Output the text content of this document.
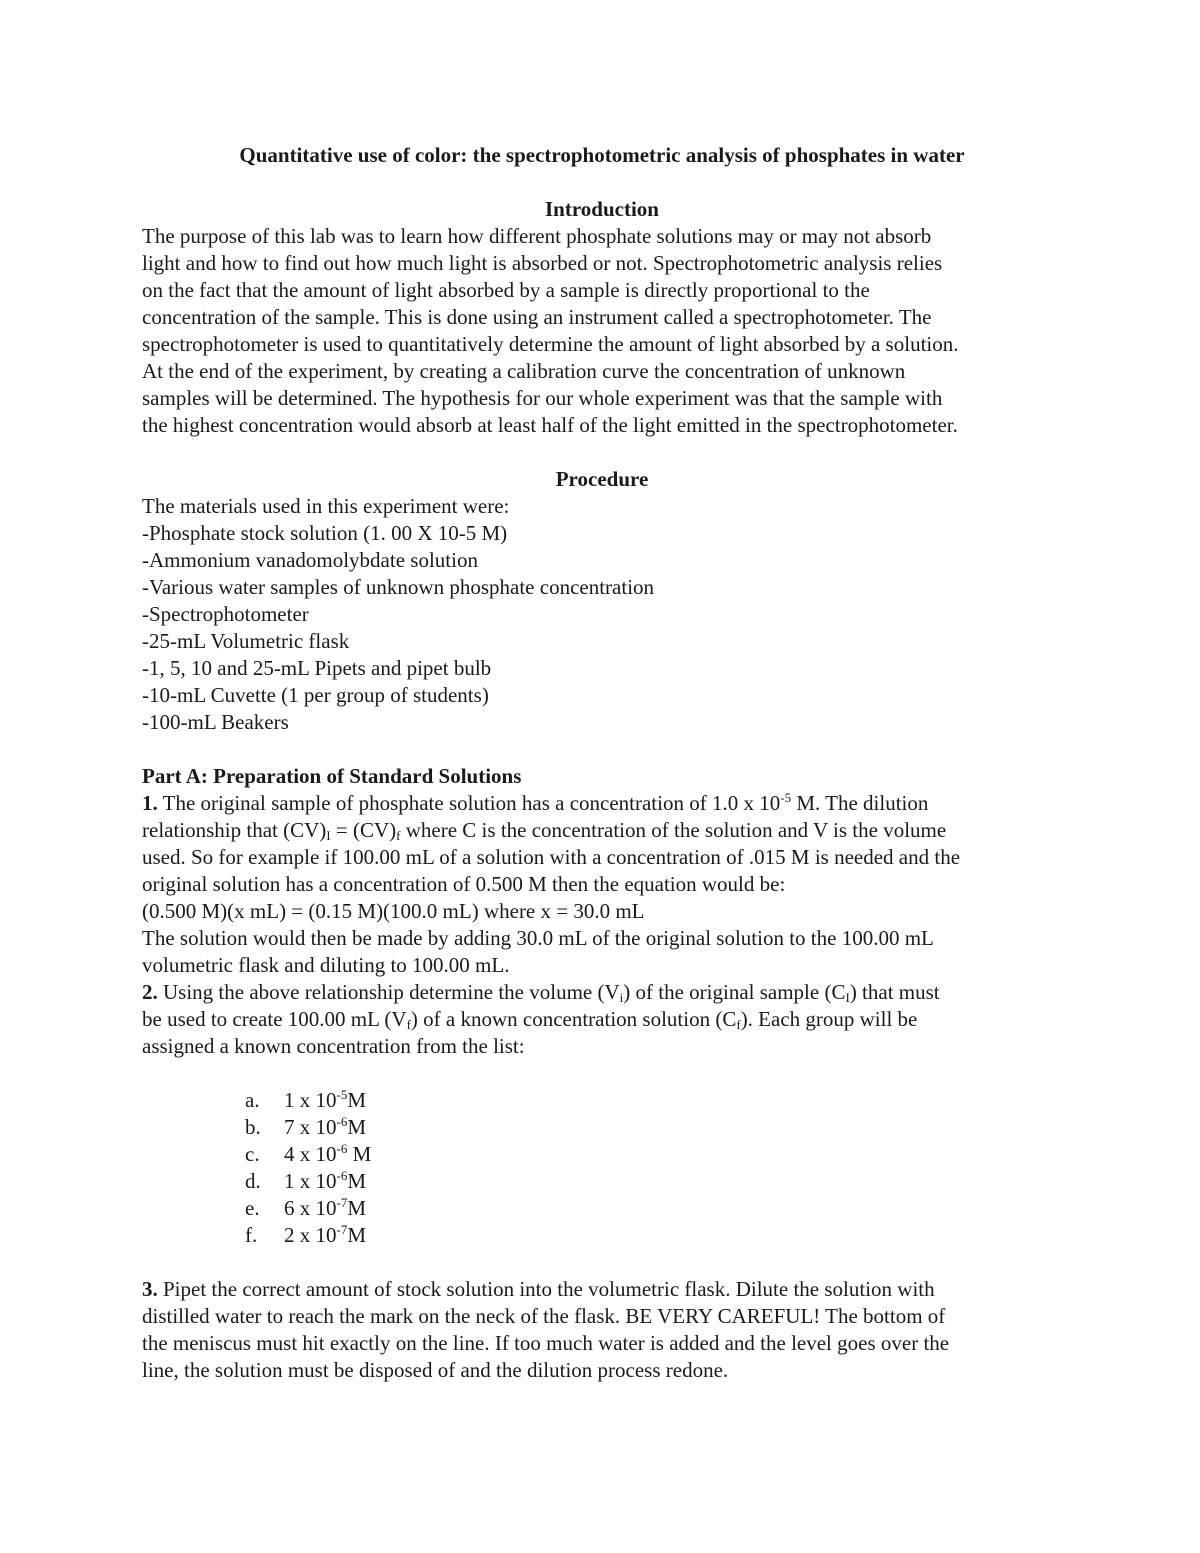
Quantitative use of color: the spectrophotometric analysis of phosphates in water

Introduction

The purpose of this lab was to learn how different phosphate solutions may or may not absorb
light and how to find out how much light is absorbed or not. Spectrophotometric analysis relies
on the fact that the amount of light absorbed by a sample is directly proportional to the
concentration of the sample. This is done using an instrument called a spectrophotometer. The
spectrophotometer is used to quantitatively determine the amount of light absorbed by a solution.
At the end of the experiment, by creating a calibration curve the concentration of unknown
samples will be determined. The hypothesis for our whole experiment was that the sample with
the highest concentration would absorb at least half of the light emitted in the spectrophotometer.

Procedure

The materials used in this experiment were:
-Phosphate stock solution (1. 00 X 10-5 M)
-Ammonium vanadomolybdate solution
-Various water samples of unknown phosphate concentration
-Spectrophotometer
-25-mL Volumetric flask
-1, 5, 10 and 25-mL Pipets and pipet bulb
-10-mL Cuvette (1 per group of students)
-100-mL Beakers

Part A: Preparation of Standard Solutions

1. The original sample of phosphate solution has a concentration of 1.0 x $10^{-5}$ M. The dilution
relationship that $(CV)_I = (CV)_f$ where C is the concentration of the solution and V is the volume
used. So for example if 100.00 mL of a solution with a concentration of .015 M is needed and the
original solution has a concentration of 0.500 M then the equation would be:
(0.500 M)(x mL) = (0.15 M)(100.0 mL) where x = 30.0 mL
The solution would then be made by adding 30.0 mL of the original solution to the 100.00 mL
volumetric flask and diluting to 100.00 mL.
2. Using the above relationship determine the volume $(V_i)$ of the original sample $(C_I)$ that must
be used to create 100.00 mL $(V_f)$ of a known concentration solution $(C_f)$. Each group will be
assigned a known concentration from the list:
a. 1 x $10^{-5}M$
b. 7 x $10^{-6}M$
c. 4 x $10^{-6}$ M
d. 1 x $10^{-6}M$
e. 6 x $10^{-7}M$
f. 2 x $10^{-7}M$
3. Pipet the correct amount of stock solution into the volumetric flask. Dilute the solution with
distilled water to reach the mark on the neck of the flask. BE VERY CAREFUL! The bottom of
the meniscus must hit exactly on the line. If too much water is added and the level goes over the
line, the solution must be disposed of and the dilution process redone.
